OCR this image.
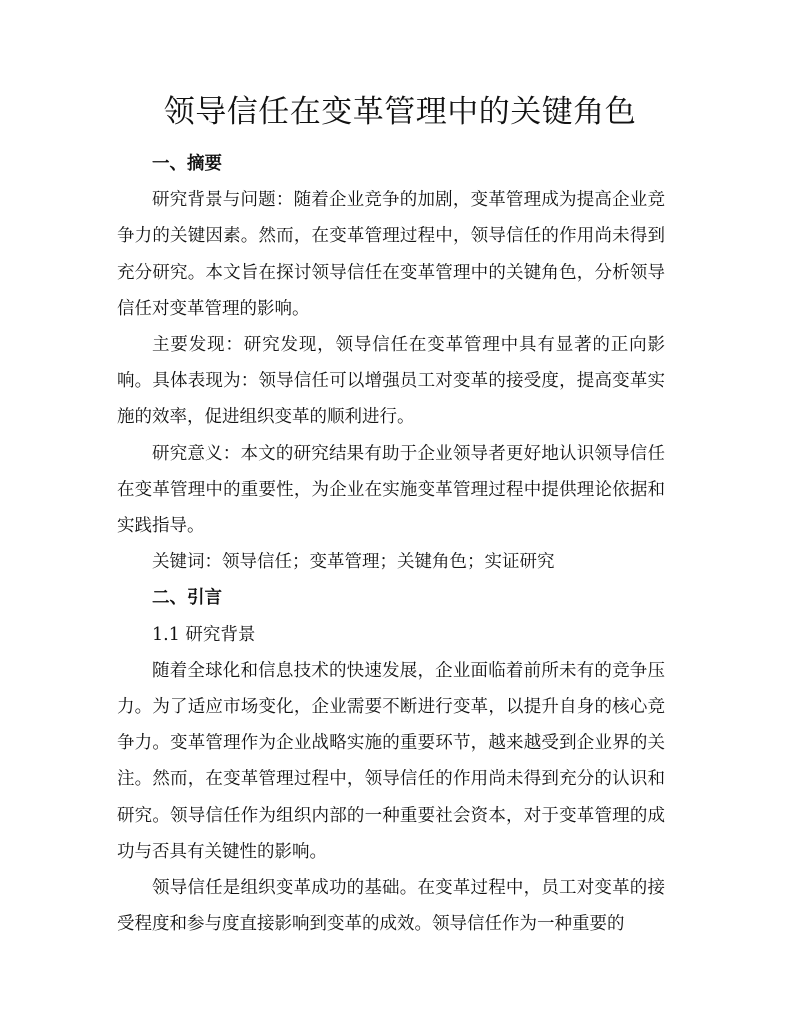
领导信任在变革管理中的关键角色

一、摘要

研究背景与问题：随着企业竞争的加剧，变革管理成为提高企业竞争力的关键因素。然而，在变革管理过程中，领导信任的作用尚未得到充分研究。本文旨在探讨领导信任在变革管理中的关键角色，分析领导信任对变革管理的影响。

主要发现：研究发现，领导信任在变革管理中具有显著的正向影响。具体表现为：领导信任可以增强员工对变革的接受度，提高变革实施的效率，促进组织变革的顺利进行。

研究意义：本文的研究结果有助于企业领导者更好地认识领导信任在变革管理中的重要性，为企业在实施变革管理过程中提供理论依据和实践指导。

关键词：领导信任；变革管理；关键角色；实证研究

二、引言

1.1 研究背景

随着全球化和信息技术的快速发展，企业面临着前所未有的竞争压力。为了适应市场变化，企业需要不断进行变革，以提升自身的核心竞争力。变革管理作为企业战略实施的重要环节，越来越受到企业界的关注。然而，在变革管理过程中，领导信任的作用尚未得到充分的认识和研究。领导信任作为组织内部的一种重要社会资本，对于变革管理的成功与否具有关键性的影响。

领导信任是组织变革成功的基础。在变革过程中，员工对变革的接受程度和参与度直接影响到变革的成效。领导信任作为一种重要的
